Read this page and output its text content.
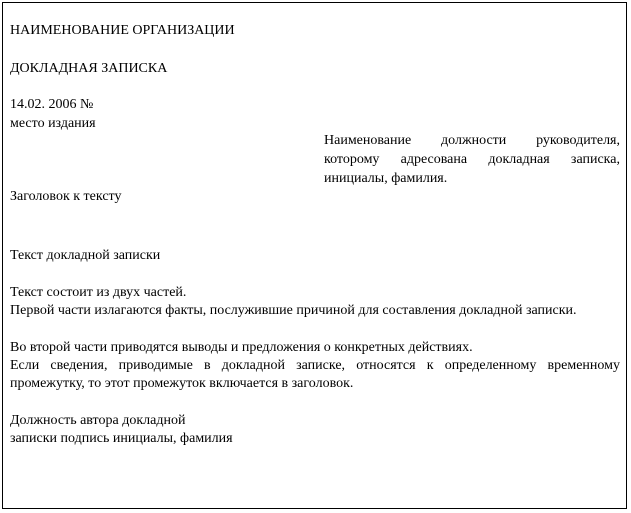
НАИМЕНОВАНИЕ ОРГАНИЗАЦИИ
ДОКЛАДНАЯ ЗАПИСКА
14.02. 2006 №
место издания
Наименование должности руководителя, которому адресована докладная записка, инициалы, фамилия.
Заголовок к тексту
Текст докладной записки
Текст состоит из двух частей.
Первой части излагаются факты, послужившие причиной для составления докладной записки.
Во второй части приводятся выводы и предложения о конкретных действиях.
Если сведения, приводимые в докладной записке, относятся к определенному временному промежутку, то этот промежуток включается в заголовок.
Должность автора докладной
записки подпись инициалы, фамилия
